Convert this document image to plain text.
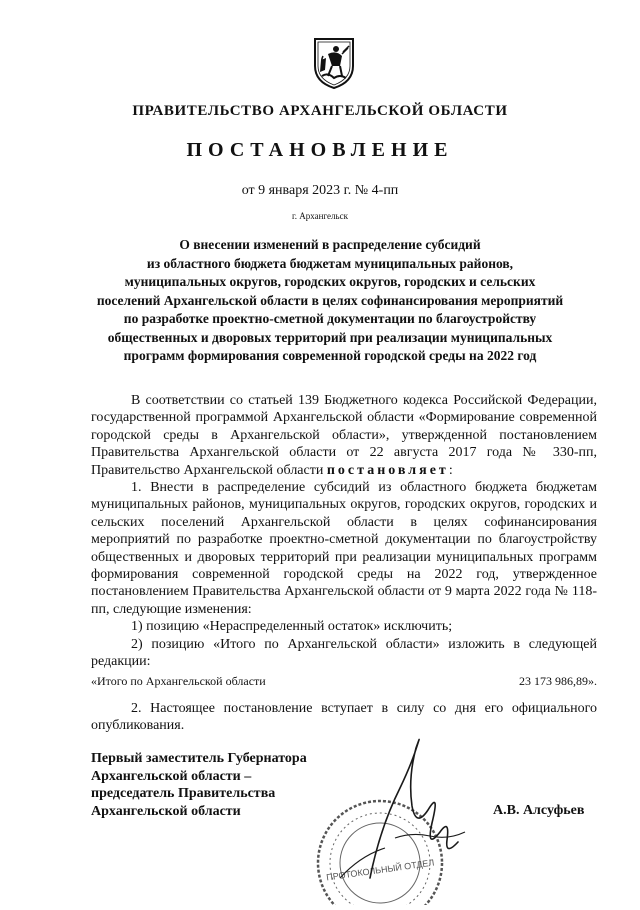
ПРАВИТЕЛЬСТВО АРХАНГЕЛЬСКОЙ ОБЛАСТИ
ПОСТАНОВЛЕНИЕ
от 9 января 2023 г. № 4-пп
г. Архангельск
О внесении изменений в распределение субсидий
из областного бюджета бюджетам муниципальных районов,
муниципальных округов, городских округов, городских и сельских
поселений Архангельской области в целях софинансирования мероприятий
по разработке проектно-сметной документации по благоустройству
общественных и дворовых территорий при реализации муниципальных
программ формирования современной городской среды на 2022 год

В соответствии со статьей 139 Бюджетного кодекса Российской Федерации, государственной программой Архангельской области «Формирование современной городской среды в Архангельской области», утвержденной постановлением Правительства Архангельской области от 22 августа 2017 года № 330-пп, Правительство Архангельской области постановляет:

1. Внести в распределение субсидий из областного бюджета бюджетам муниципальных районов, муниципальных округов, городских округов, городских и сельских поселений Архангельской области в целях софинансирования мероприятий по разработке проектно-сметной документации по благоустройству общественных и дворовых территорий при реализации муниципальных программ формирования современной городской среды на 2022 год, утвержденное постановлением Правительства Архангельской области от 9 марта 2022 года № 118-пп, следующие изменения:

1) позицию «Нераспределенный остаток» исключить;

2) позицию «Итого по Архангельской области» изложить в следующей редакции:

«Итого по Архангельской области	23 173 986,89».

2. Настоящее постановление вступает в силу со дня его официального опубликования.

ПРОТОКОЛЬНЫЙ ОТДЕЛ
Первый заместитель Губернатора
Архангельской области –
председатель Правительства
Архангельской области	А.В. Алсуфьев
